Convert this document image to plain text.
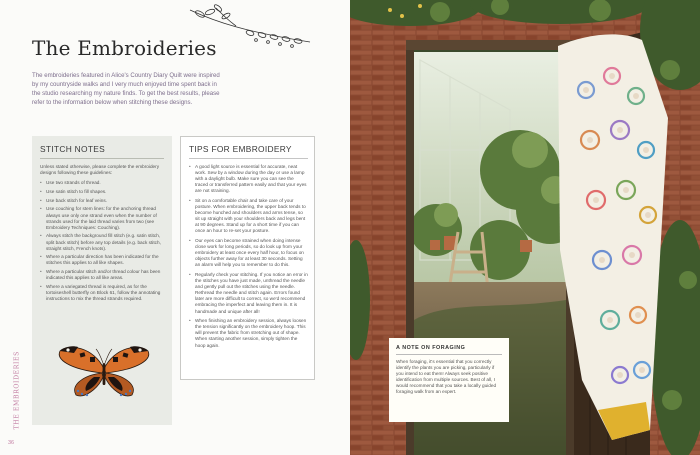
The Embroideries

The embroideries featured in Alice's Country Diary Quilt were inspired by my countryside walks and I very much enjoyed time spent back in the studio researching my nature finds. To get the best results, please refer to the information below when stitching these designs.

STITCH NOTES

Unless stated otherwise, please complete the embroidery designs following these guidelines:

• Use two strands of thread.
• Use satin stitch to fill shapes.
• Use back stitch for leaf veins.
• Use couching for stem lines: for the anchoring thread always use only one strand even when the number of strands used for the laid thread varies from two (see Embroidery Techniques: Couching).
• Always stitch the background fill stitch (e.g. satin stitch, split back stitch) before any top details (e.g. back stitch, straight stitch, French knots).
• Where a particular direction has been indicated for the stitches this applies to all like shapes.
• Where a particular stitch and/or thread colour has been indicated this applies to all like areas.
• Where a variegated thread is required, as for the tortoiseshell butterfly on Block 61, follow the annotating instructions to mix the thread strands required.
TIPS FOR EMBROIDERY
• A good light source is essential for accurate, neat work. Sew by a window during the day or use a lamp with a daylight bulb. Make sure you can see the traced or transferred pattern easily and that your eyes are not straining.
• Sit on a comfortable chair and take care of your posture. When embroidering, the upper back tends to become hunched and shoulders and arms tense, so sit up straight with your shoulders back and legs bent at 90 degrees. Stand up for a short time if you can once an hour to re-set your posture.
• Our eyes can become strained when doing intense close work for long periods, so do look up from your embroidery at least once every half hour, to focus on objects further away for at least 30 seconds. Setting an alarm will help you to remember to do this.
• Regularly check your stitching. If you notice an error in the stitches you have just made, unthread the needle and gently pull out the stitches using the needle. Rethread the needle and stitch again. Errors found later are more difficult to correct, so we'd recommend embracing the imperfect and leaving them in. It is handmade and unique after all!
• When finishing an embroidery session, always loosen the tension significantly on the embroidery hoop. This will prevent the fabric from stretching out of shape. When starting another session, simply tighten the hoop again.
THE EMBROIDERIES
36
A NOTE ON FORAGING

When foraging, it's essential that you correctly identify the plants you are picking, particularly if you intend to eat them! Always seek positive identification from multiple sources. Best of all, I would recommend that you take a locally guided foraging walk from an expert.
